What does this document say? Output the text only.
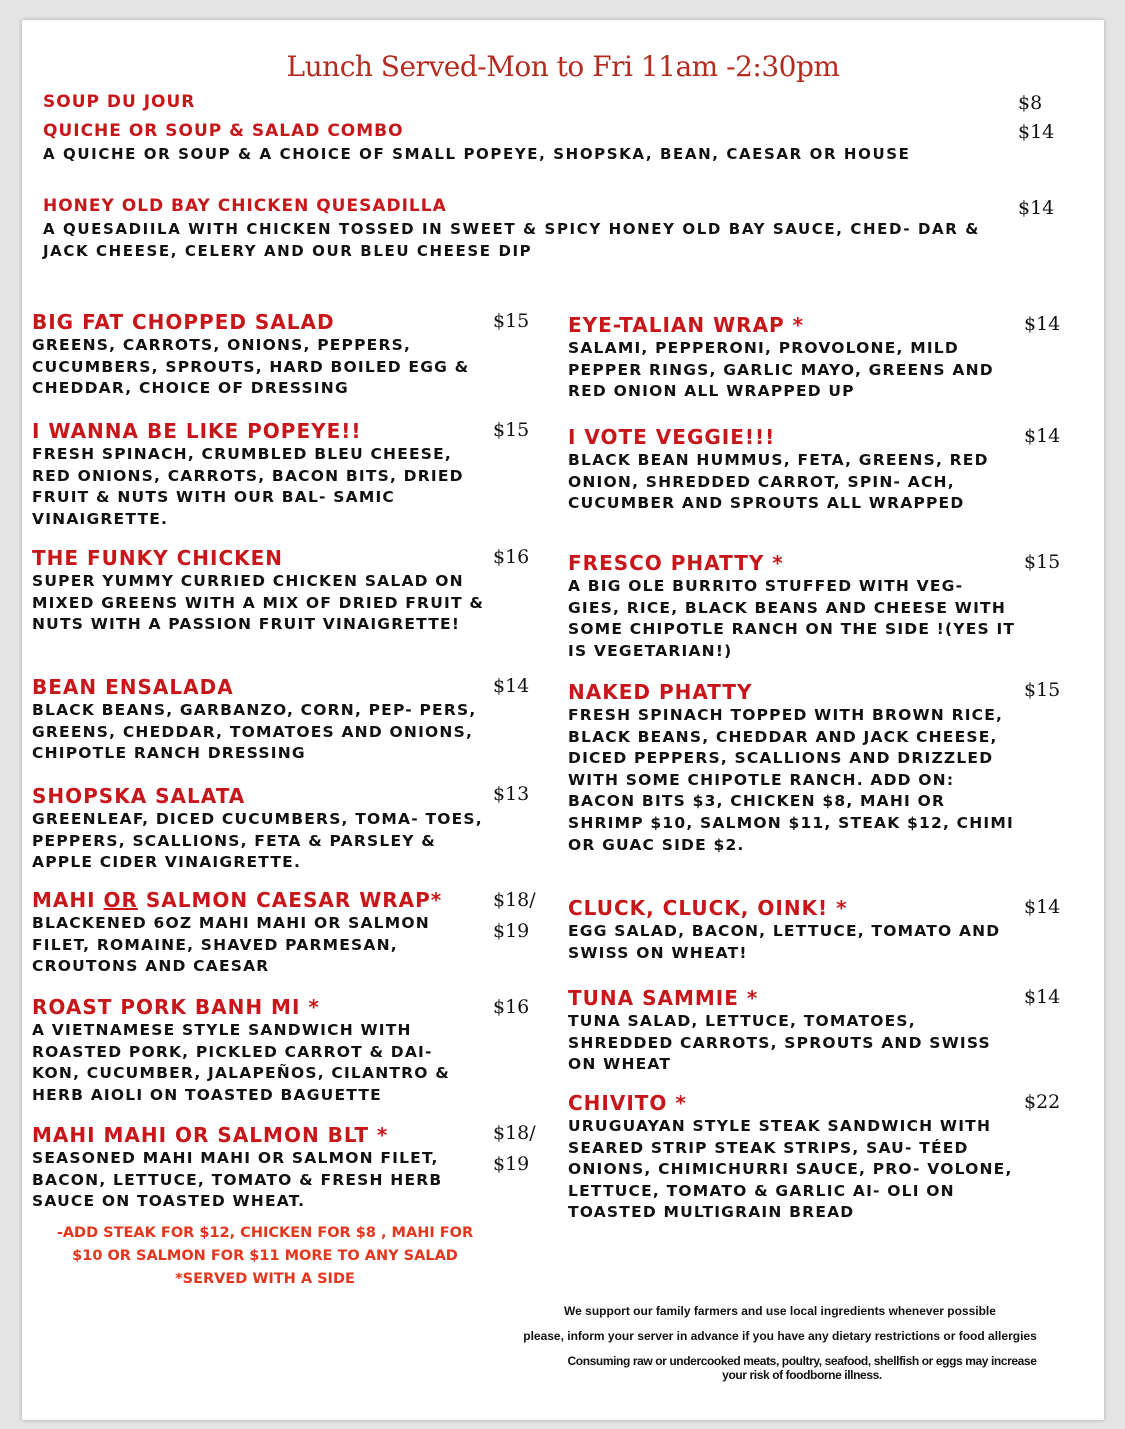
Lunch Served-Mon to Fri 11am -2:30pm
SOUP DU JOUR	$8
QUICHE OR SOUP & SALAD COMBO
A QUICHE OR SOUP & A CHOICE OF SMALL POPEYE, SHOPSKA, BEAN, CAESAR OR HOUSE
$14
HONEY OLD BAY CHICKEN QUESADILLA
A QUESADIILA WITH CHICKEN TOSSED IN SWEET & SPICY HONEY OLD BAY SAUCE, CHED- DAR & JACK CHEESE, CELERY AND OUR BLEU CHEESE DIP
$14
BIG FAT CHOPPED SALAD
GREENS, CARROTS, ONIONS, PEPPERS, CUCUMBERS, SPROUTS, HARD BOILED EGG & CHEDDAR, CHOICE OF DRESSING
$15
I WANNA BE LIKE POPEYE!!
FRESH SPINACH, CRUMBLED BLEU CHEESE, RED ONIONS, CARROTS, BACON BITS, DRIED FRUIT & NUTS WITH OUR BAL- SAMIC VINAIGRETTE.
$15
THE FUNKY CHICKEN
SUPER YUMMY CURRIED CHICKEN SALAD ON MIXED GREENS WITH A MIX OF DRIED FRUIT & NUTS WITH A PASSION FRUIT VINAIGRETTE!
$16
BEAN ENSALADA
BLACK BEANS, GARBANZO, CORN, PEP- PERS, GREENS, CHEDDAR, TOMATOES AND ONIONS, CHIPOTLE RANCH DRESSING
$14
SHOPSKA SALATA
GREENLEAF, DICED CUCUMBERS, TOMA- TOES, PEPPERS, SCALLIONS, FETA & PARSLEY & APPLE CIDER VINAIGRETTE.
$13
MAHI OR SALMON CAESAR WRAP*
BLACKENED 6OZ MAHI MAHI OR SALMON FILET, ROMAINE, SHAVED PARMESAN, CROUTONS AND CAESAR
$18/
$19
ROAST PORK BANH MI *
A VIETNAMESE STYLE SANDWICH WITH ROASTED PORK, PICKLED CARROT & DAI- KON, CUCUMBER, JALAPEÑOS, CILANTRO & HERB AIOLI ON TOASTED BAGUETTE
$16
MAHI MAHI OR SALMON BLT *
SEASONED MAHI MAHI OR SALMON FILET, BACON, LETTUCE, TOMATO & FRESH HERB SAUCE ON TOASTED WHEAT.
$18/
$19
-ADD STEAK FOR $12, CHICKEN FOR $8 , MAHI FOR
$10 OR SALMON FOR $11 MORE TO ANY SALAD
*SERVED WITH A SIDE
EYE-TALIAN WRAP *
SALAMI, PEPPERONI, PROVOLONE, MILD PEPPER RINGS, GARLIC MAYO, GREENS AND RED ONION ALL WRAPPED UP
$14
I VOTE VEGGIE!!!
BLACK BEAN HUMMUS, FETA, GREENS, RED ONION, SHREDDED CARROT, SPIN- ACH, CUCUMBER AND SPROUTS ALL WRAPPED
$14
FRESCO PHATTY *
A BIG OLE BURRITO STUFFED WITH VEG- GIES, RICE, BLACK BEANS AND CHEESE WITH SOME CHIPOTLE RANCH ON THE SIDE !(YES IT IS VEGETARIAN!)
$15
NAKED PHATTY
FRESH SPINACH TOPPED WITH BROWN RICE, BLACK BEANS, CHEDDAR AND JACK CHEESE, DICED PEPPERS, SCALLIONS AND DRIZZLED WITH SOME CHIPOTLE RANCH. ADD ON: BACON BITS $3, CHICKEN $8, MAHI OR SHRIMP $10, SALMON $11, STEAK $12, CHIMI OR GUAC SIDE $2.
$15
CLUCK, CLUCK, OINK! *
EGG SALAD, BACON, LETTUCE, TOMATO AND SWISS ON WHEAT!
$14
TUNA SAMMIE *
TUNA SALAD, LETTUCE, TOMATOES, SHREDDED CARROTS, SPROUTS AND SWISS ON WHEAT
$14
CHIVITO *
URUGUAYAN STYLE STEAK SANDWICH WITH SEARED STRIP STEAK STRIPS, SAU- TÉED ONIONS, CHIMICHURRI SAUCE, PRO- VOLONE, LETTUCE, TOMATO & GARLIC AI- OLI ON TOASTED MULTIGRAIN BREAD
$22
We support our family farmers and use local ingredients whenever possible
please, inform your server in advance if you have any dietary restrictions or food allergies
Consuming raw or undercooked meats, poultry, seafood, shellfish or eggs may increase
your risk of foodborne illness.
